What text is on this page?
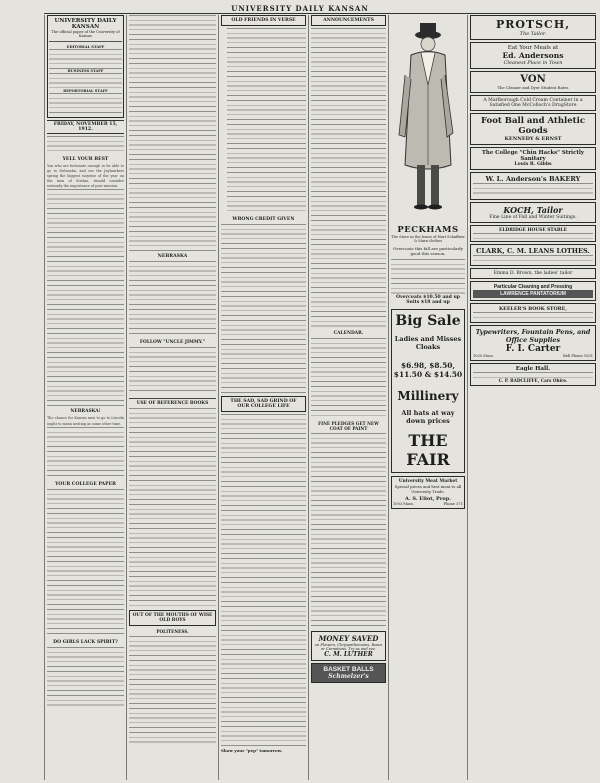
UNIVERSITY DAILY KANSAN
UNIVERSITY DAILY KANSAN
The official paper of the University of Kansas
EDITORIAL STAFF
BUSINESS STAFF
REPORTORIAL STAFF
FRIDAY, NOVEMBER 15, 1912.
YELL YOUR BEST
You who are fortunate enough to be able to go to Nebraska, and see the Jayhawkers spring the biggest surprise of the year on the men of Stiehm, should consider seriously the importance of your mission.
NEBRASKA!
The chance for Kansas men to go to Lincoln ought to mean inviting as some other time.
YOUR COLLEGE PAPER
DO GIRLS LACK SPIRIT?
NEBRASKA
FOLLOW "UNCLE JIMMY."
USE OF REFERENCE BOOKS
OUT OF THE MOUTHS OF WISE OLD BOYS
POLITENESS.
OLD FRIENDS IN VERSE
WRONG CREDIT GIVEN
THE SAD, SAD GRIND OF OUR COLLEGE LIFE
Show your "pep" tomorrow.
ANNOUNCEMENTS
CALENDAR.
FINE PLEDGES GET NEW COAT OF PAINT
MONEY SAVED
on Flowers, Chrysanthemums, Roses or Carnations. Try us and see.
C. M. LUTHER
BASKET BALLS
Schmelzer's
PECKHAMS
The Store in the home of Hart Schaffner & Marx clothes
Overcoats this fall are particularly good this season.
Overcoats $10.50 and up Suits $18 and up
Big Sale
Ladies and Misses Cloaks
$6.98, $8.50, $11.50 & $14.50
Millinery
All hats at way down prices
THE FAIR
University Meat Market
Special prices and best meat to all University Trade.
A. S. Eliot, Prop.
1003 Mass.	Phone 371
PROTSCH,
The Tailor.
Eat Your Meals at
Ed. Andersons
Cleanest Place in Town
VON
The Cleaner and Dyer Student Rates
A Marlborough Cold Cream Container in a Satisfied One McColloch's DrugStore
Foot Ball and Athletic Goods
KENNEDY & ERNST
The College "Chin Hacks" Strictly Sanitary
Louis R. Gibbs
W. L. Anderson's BAKERY
KOCH, Tailor
Fine Line of Fall and Winter Suitings.
ELDRIDGE HOUSE STABLE
CLARK, C. M. LEANS LOTHES.
Emma D. Brown, the ladies' tailor
Particular Cleaning and Pressing
LAWRENCE PANTATORIUM
KEELER'S BOOK STORE,
Typewriters, Fountain Pens, and Office Supplies
F. I. Carter
1025 Mass.	Bell Phone 1051
Eagle Hall.
C. P. RADCLIFFE, Cars Ohire.
